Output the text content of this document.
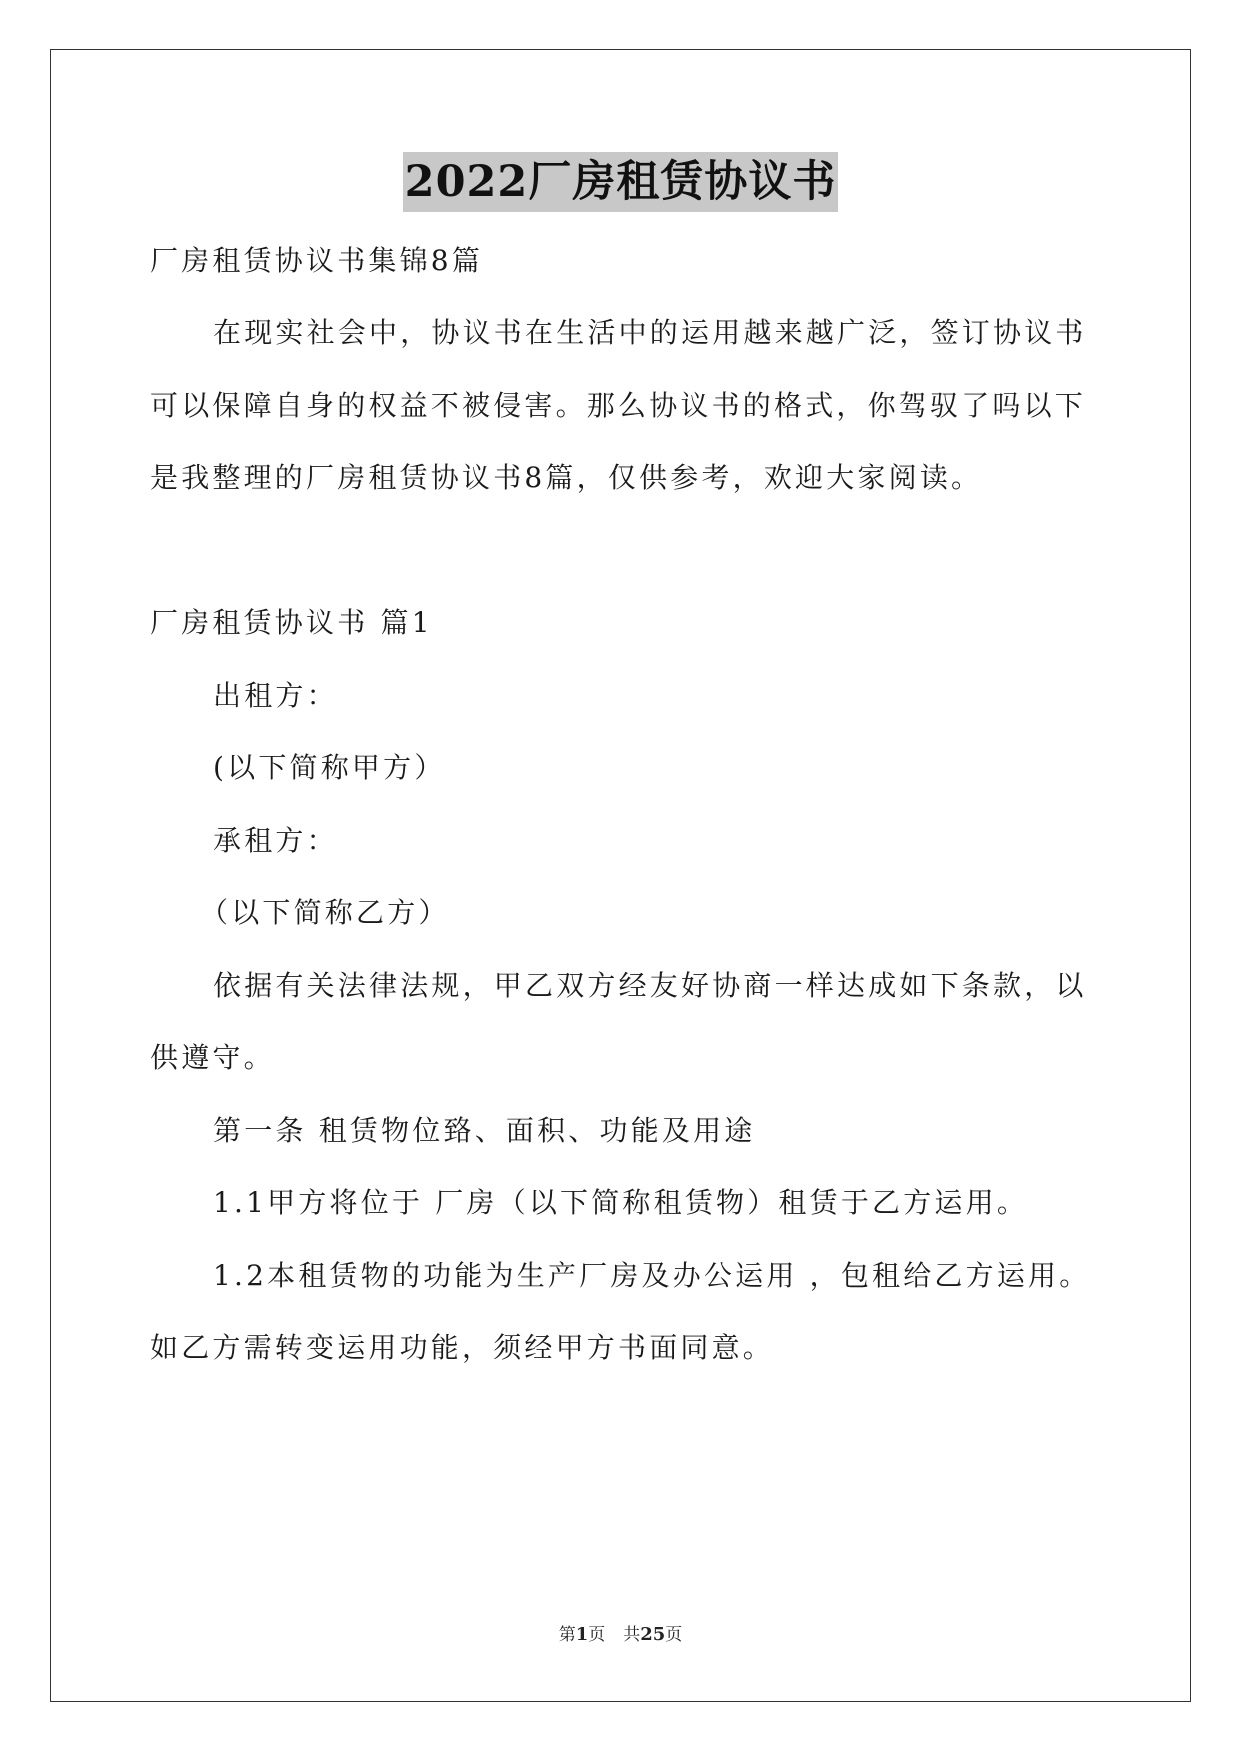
2022厂房租赁协议书
厂房租赁协议书集锦8篇
在现实社会中，协议书在生活中的运用越来越广泛，签订协议书
可以保障自身的权益不被侵害。那么协议书的格式，你驾驭了吗以下
是我整理的厂房租赁协议书8篇，仅供参考，欢迎大家阅读。
厂房租赁协议书 篇1
出租方：
(以下简称甲方）
承租方：
（以下简称乙方）
依据有关法律法规，甲乙双方经友好协商一样达成如下条款，以
供遵守。
第一条 租赁物位臵、面积、功能及用途
1.1甲方将位于 厂房（以下简称租赁物）租赁于乙方运用。
1.2本租赁物的功能为生产厂房及办公运用 ，包租给乙方运用。
如乙方需转变运用功能，须经甲方书面同意。
第1页 共25页
